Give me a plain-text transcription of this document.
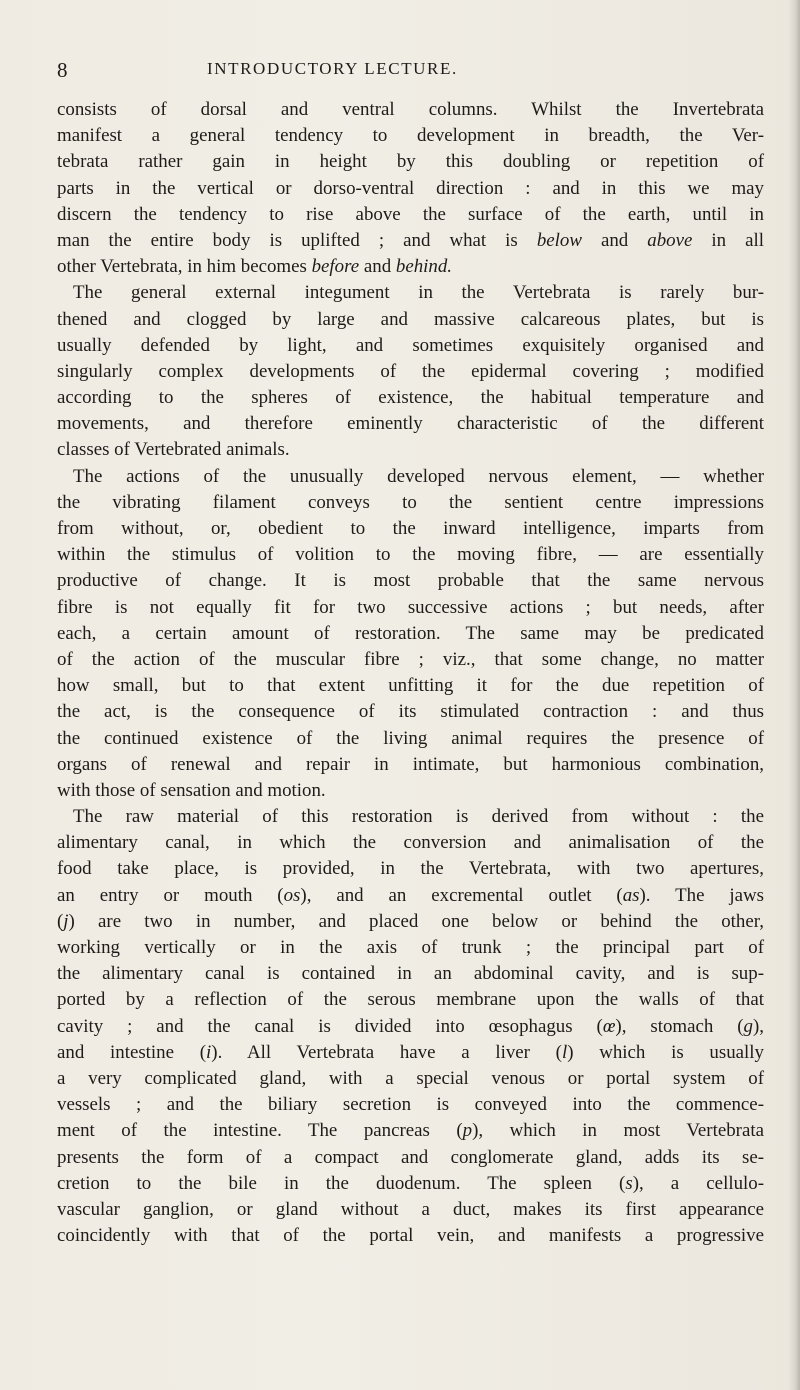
8	INTRODUCTORY LECTURE.
consists of dorsal and ventral columns. Whilst the Invertebrata
manifest a general tendency to development in breadth, the Ver-
tebrata rather gain in height by this doubling or repetition of
parts in the vertical or dorso-ventral direction : and in this we may
discern the tendency to rise above the surface of the earth, until in
man the entire body is uplifted ; and what is below and above in all
other Vertebrata, in him becomes before and behind.
The general external integument in the Vertebrata is rarely bur-
thened and clogged by large and massive calcareous plates, but is
usually defended by light, and sometimes exquisitely organised and
singularly complex developments of the epidermal covering ; modified
according to the spheres of existence, the habitual temperature and
movements, and therefore eminently characteristic of the different
classes of Vertebrated animals.
The actions of the unusually developed nervous element, — whether
the vibrating filament conveys to the sentient centre impressions
from without, or, obedient to the inward intelligence, imparts from
within the stimulus of volition to the moving fibre, — are essentially
productive of change. It is most probable that the same nervous
fibre is not equally fit for two successive actions ; but needs, after
each, a certain amount of restoration. The same may be predicated
of the action of the muscular fibre ; viz., that some change, no matter
how small, but to that extent unfitting it for the due repetition of
the act, is the consequence of its stimulated contraction : and thus
the continued existence of the living animal requires the presence of
organs of renewal and repair in intimate, but harmonious combination,
with those of sensation and motion.
The raw material of this restoration is derived from without : the
alimentary canal, in which the conversion and animalisation of the
food take place, is provided, in the Vertebrata, with two apertures,
an entry or mouth (os), and an excremental outlet (as). The jaws
(j) are two in number, and placed one below or behind the other,
working vertically or in the axis of trunk ; the principal part of
the alimentary canal is contained in an abdominal cavity, and is sup-
ported by a reflection of the serous membrane upon the walls of that
cavity ; and the canal is divided into œsophagus (œ), stomach (g),
and intestine (i). All Vertebrata have a liver (l) which is usually
a very complicated gland, with a special venous or portal system of
vessels ; and the biliary secretion is conveyed into the commence-
ment of the intestine. The pancreas (p), which in most Vertebrata
presents the form of a compact and conglomerate gland, adds its se-
cretion to the bile in the duodenum. The spleen (s), a cellulo-
vascular ganglion, or gland without a duct, makes its first appearance
coincidently with that of the portal vein, and manifests a progressive
